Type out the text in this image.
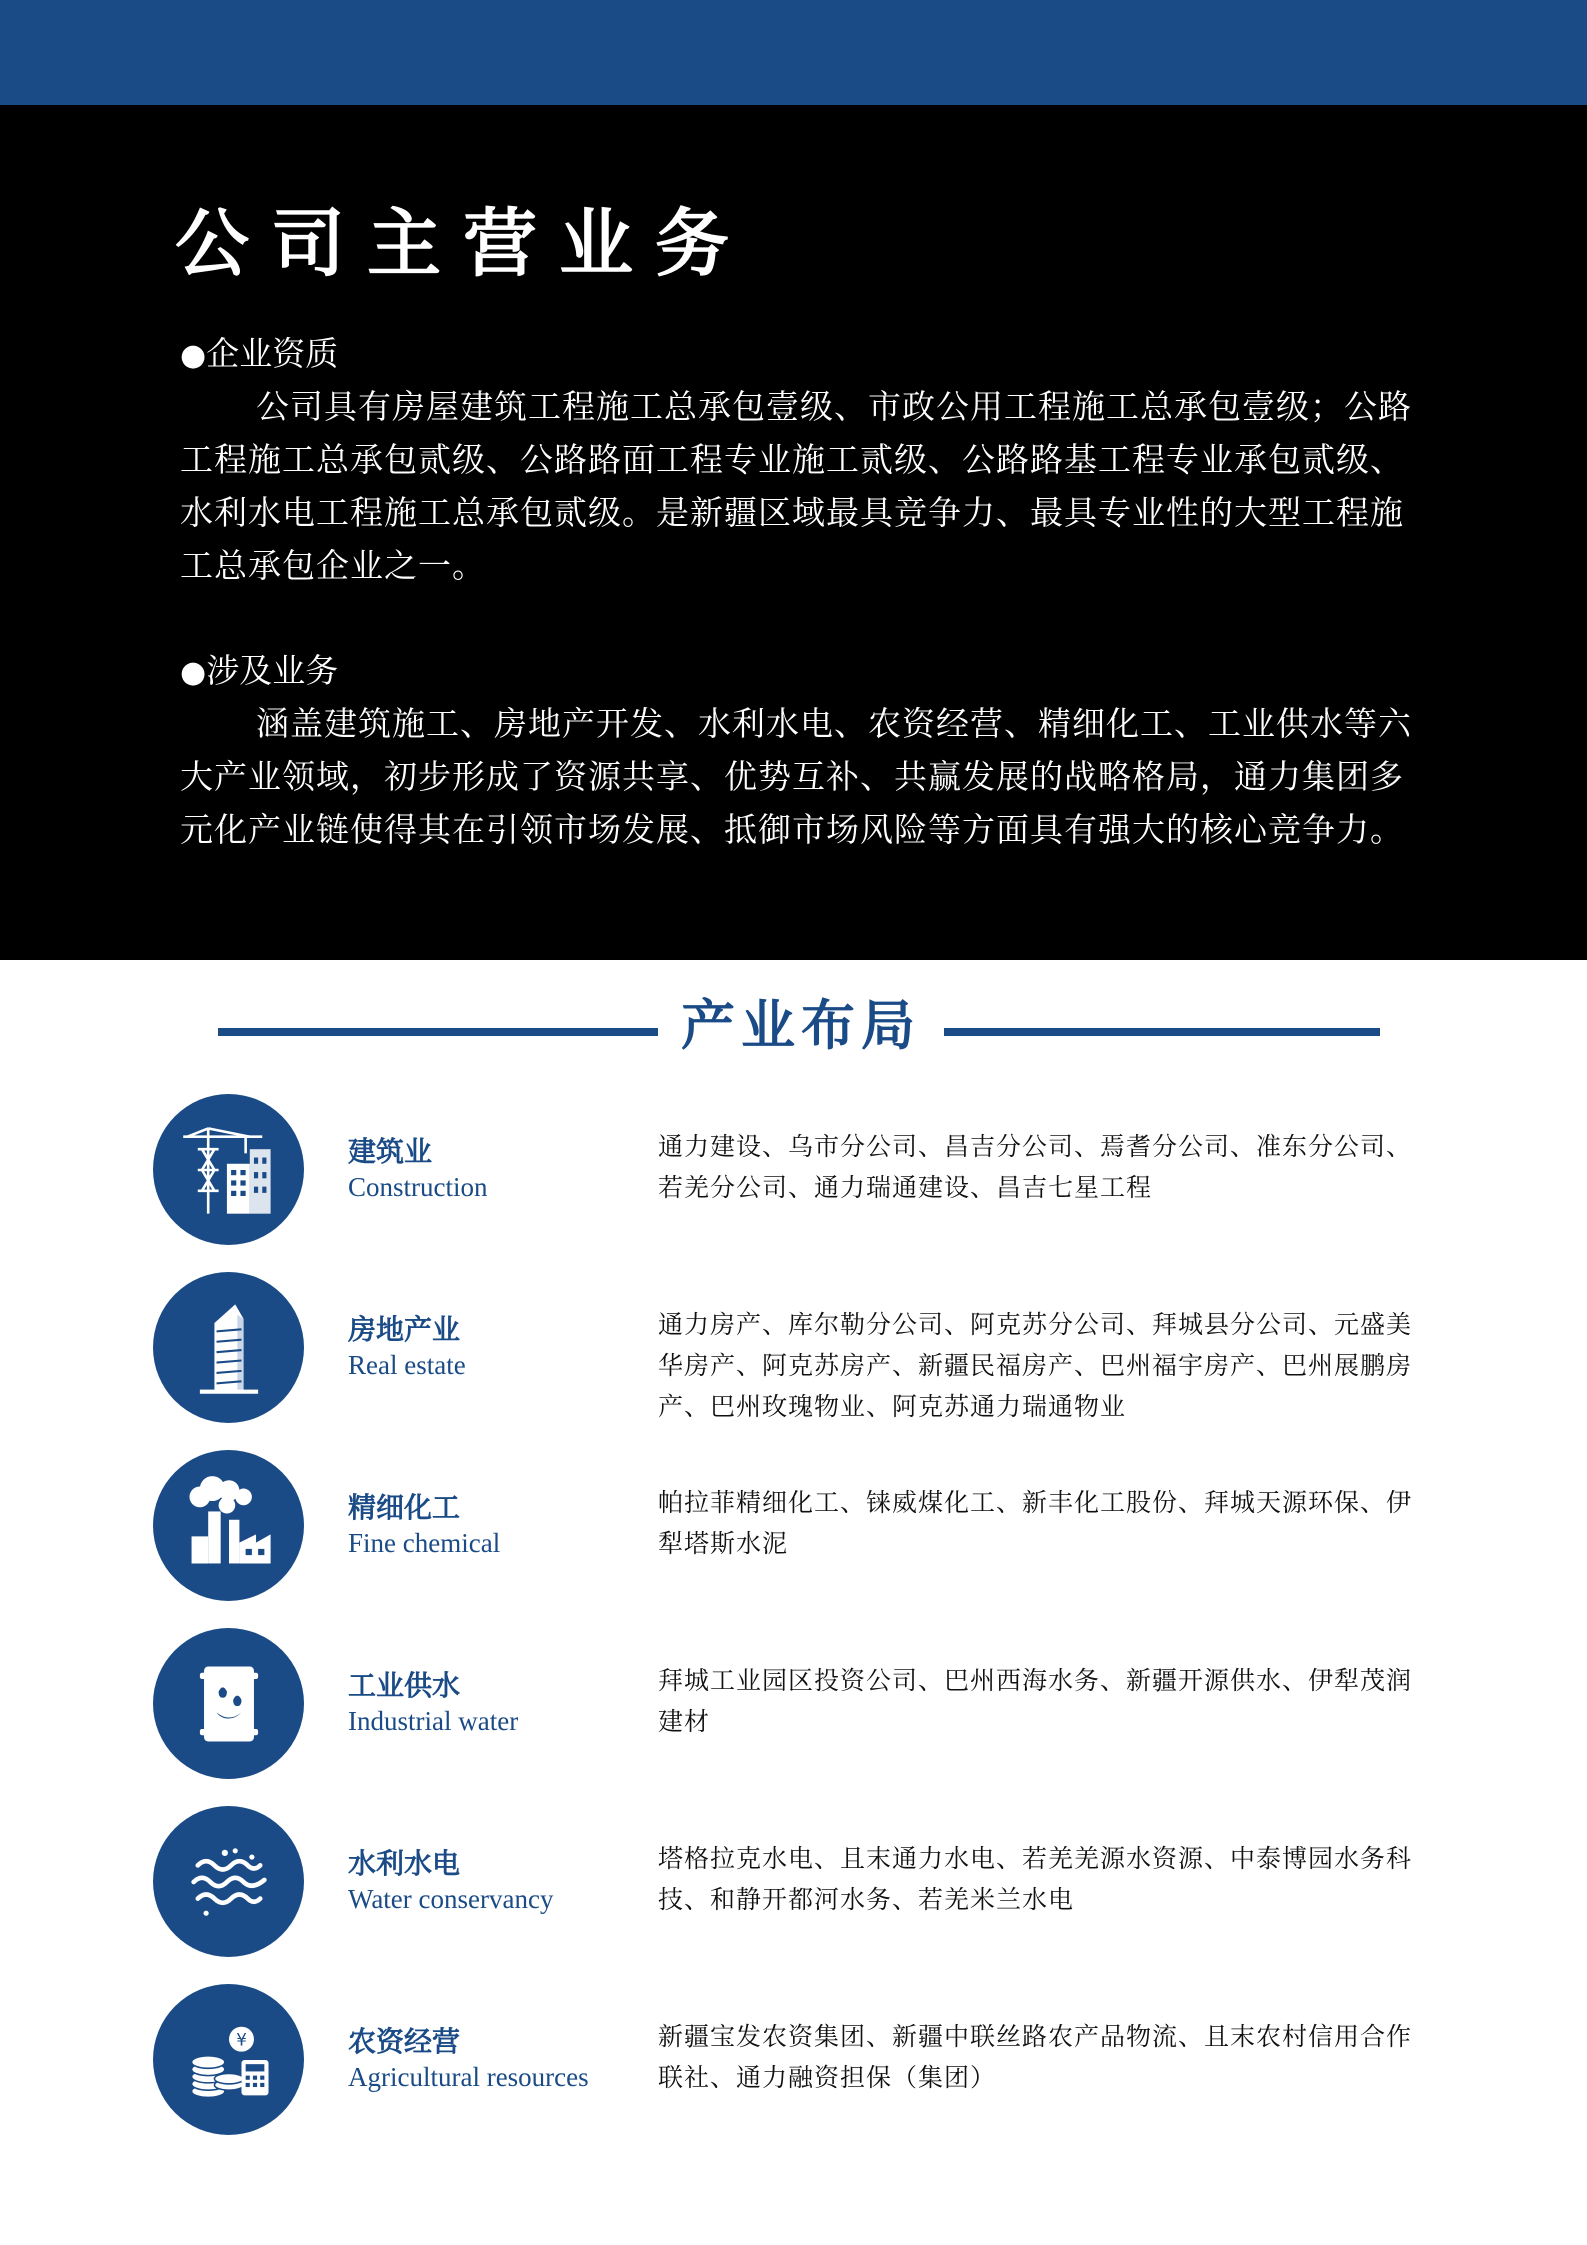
公司主营业务
●企业资质

公司具有房屋建筑工程施工总承包壹级、市政公用工程施工总承包壹级；公路工程施工总承包贰级、公路路面工程专业施工贰级、公路路基工程专业承包贰级、水利水电工程施工总承包贰级。是新疆区域最具竞争力、最具专业性的大型工程施工总承包企业之一。

●涉及业务

涵盖建筑施工、房地产开发、水利水电、农资经营、精细化工、工业供水等六大产业领域，初步形成了资源共享、优势互补、共赢发展的战略格局，通力集团多元化产业链使得其在引领市场发展、抵御市场风险等方面具有强大的核心竞争力。

产业布局
建筑业
Construction

通力建设、乌市分公司、昌吉分公司、焉耆分公司、准东分公司、 若羌分公司、通力瑞通建设、昌吉七星工程

房地产业
Real estate

通力房产、库尔勒分公司、阿克苏分公司、拜城县分公司、元盛美华房产、阿克苏房产、新疆民福房产、巴州福宇房产、巴州展鹏房产、巴州玫瑰物业、阿克苏通力瑞通物业

精细化工
Fine chemical

帕拉菲精细化工、铼威煤化工、新丰化工股份、拜城天源环保、伊犁塔斯水泥

工业供水
Industrial water

拜城工业园区投资公司、巴州西海水务、新疆开源供水、伊犁茂润建材

水利水电
Water conservancy

塔格拉克水电、且末通力水电、若羌羌源水资源、中泰博园水务科技、和静开都河水务、若羌米兰水电

¥	农资经营
Agricultural resources

新疆宝发农资集团、新疆中联丝路农产品物流、且末农村信用合作联社、通力融资担保（集团）
